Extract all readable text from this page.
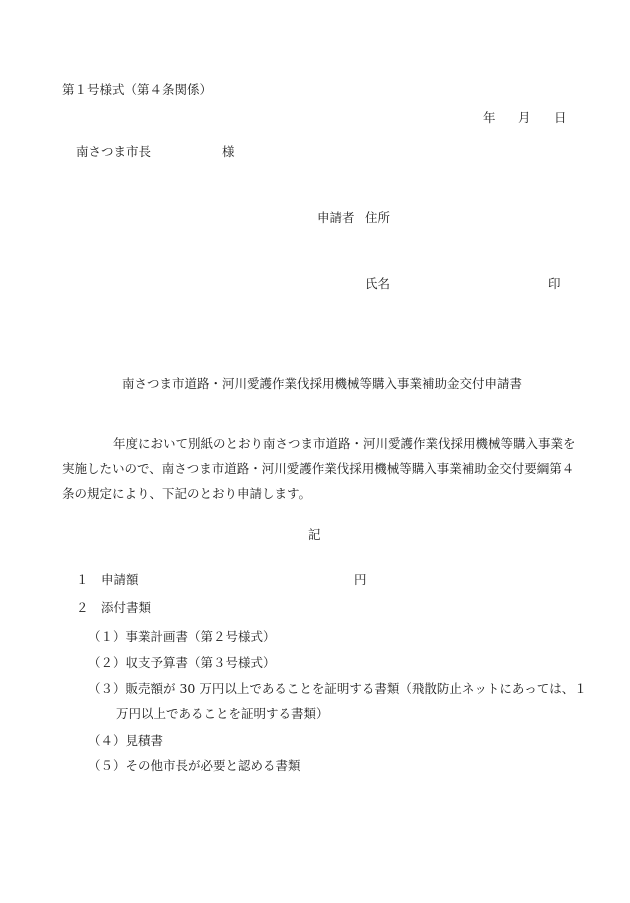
第１号様式（第４条関係）
年 月 日
南さつま市長	様
申請者 住所
氏名	印
南さつま市道路・河川愛護作業伐採用機械等購入事業補助金交付申請書
年度において別紙のとおり南さつま市道路・河川愛護作業伐採用機械等購入事業を
実施したいので、南さつま市道路・河川愛護作業伐採用機械等購入事業補助金交付要綱第４
条の規定により、下記のとおり申請します。
記
１ 申請額	円
２ 添付書類
（１）事業計画書（第２号様式）
（２）収支予算書（第３号様式）
（３）販売額が 30 万円以上であることを証明する書類（飛散防止ネットにあっては、１
万円以上であることを証明する書類）
（４）見積書
（５）その他市長が必要と認める書類
